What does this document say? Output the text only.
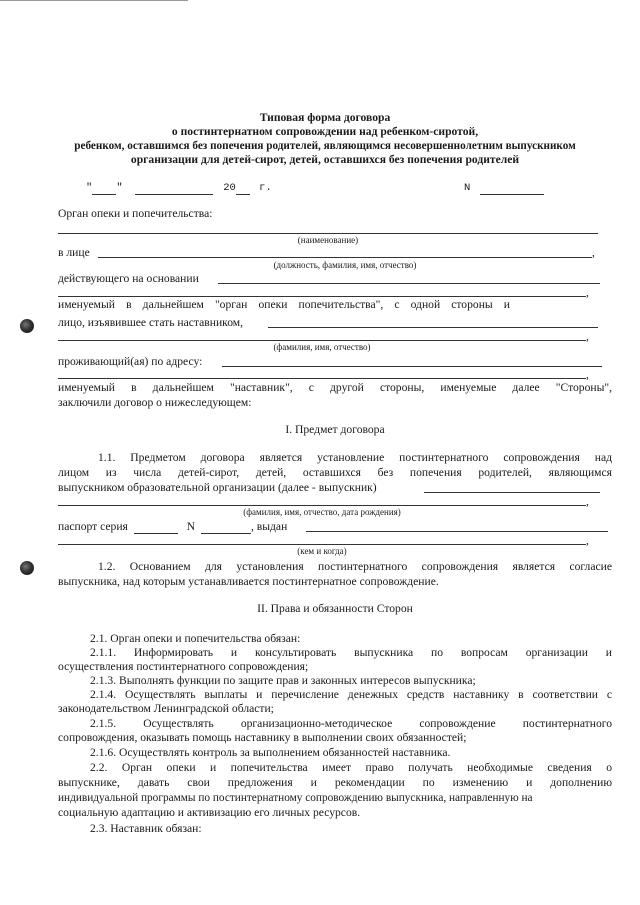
Типовая форма договора
о постинтернатном сопровождении над ребенком-сиротой,
ребенком, оставшимся без попечения родителей, являющимся несовершеннолетним выпускником
организации для детей-сирот, детей, оставшихся без попечения родителей
" "	20 г.	N
Орган опеки и попечительства:
(наименование)
в лице	,
(должность, фамилия, имя, отчество)
действующего на основании
,
именуемый в дальнейшем "орган опеки попечительства", с одной стороны и
лицо, изъявившее стать наставником,
,
(фамилия, имя, отчество)
проживающий(ая) по адресу:
,
именуемый в дальнейшем "наставник", с другой стороны, именуемые далее "Стороны",
заключили договор о нижеследующем:
I. Предмет договора
1.1. Предметом договора является установление постинтернатного сопровождения над
лицом из числа детей-сирот, детей, оставшихся без попечения родителей, являющимся
выпускником образовательной организации (далее - выпускник)
,
(фамилия, имя, отчество, дата рождения)
паспорт серия	N	, выдан
,
(кем и когда)
1.2. Основанием для установления постинтернатного сопровождения является согласие
выпускника, над которым устанавливается постинтернатное сопровождение.
II. Права и обязанности Сторон
2.1. Орган опеки и попечительства обязан:
2.1.1. Информировать и консультировать выпускника по вопросам организации и
осуществления постинтернатного сопровождения;
2.1.3. Выполнять функции по защите прав и законных интересов выпускника;
2.1.4. Осуществлять выплаты и перечисление денежных средств наставнику в соответствии с
законодательством Ленинградской области;
2.1.5. Осуществлять организационно-методическое сопровождение постинтернатного
сопровождения, оказывать помощь наставнику в выполнении своих обязанностей;
2.1.6. Осуществлять контроль за выполнением обязанностей наставника.
2.2. Орган опеки и попечительства имеет право получать необходимые сведения о
выпускнике, давать свои предложения и рекомендации по изменению и дополнению
индивидуальной программы по постинтернатному сопровождению выпускника, направленную на
социальную адаптацию и активизацию его личных ресурсов.
2.3. Наставник обязан:
